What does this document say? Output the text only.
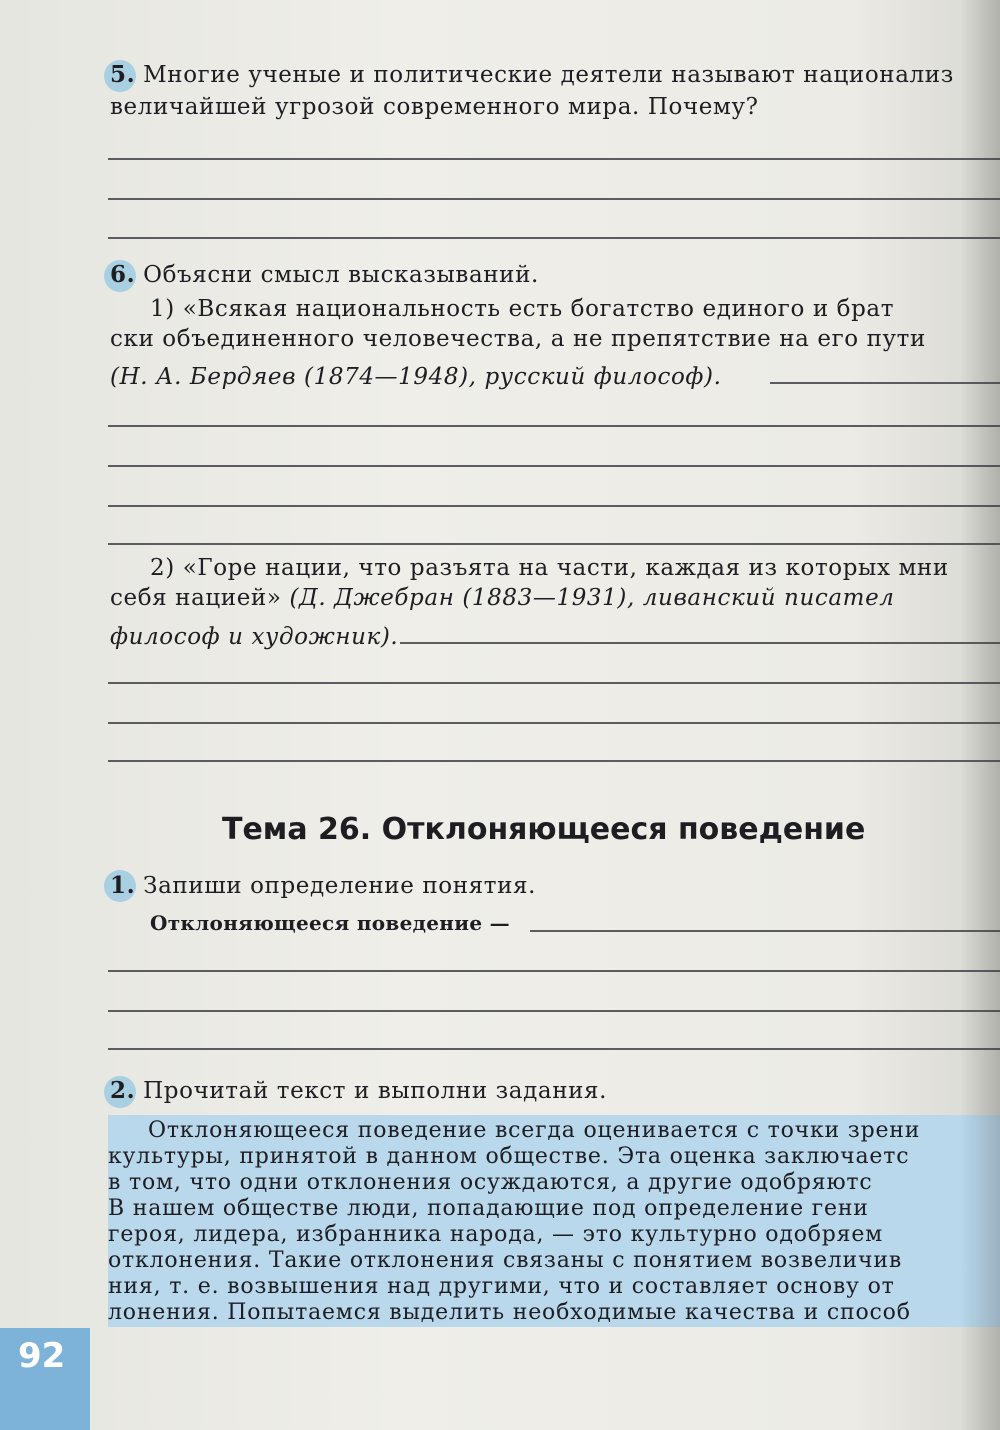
5. Многие ученые и политические деятели называют национализ
величайшей угрозой современного мира. Почему?
6. Объясни смысл высказываний.
1) «Всякая национальность есть богатство единого и брат
ски объединенного человечества, а не препятствие на его пути
(Н. А. Бердяев (1874—1948), русский философ).
2) «Горе нации, что разъята на части, каждая из которых мни
себя нацией» (Д. Джебран (1883—1931), ливанский писател
философ и художник).
Тема 26. Отклоняющееся поведение
1. Запиши определение понятия.
Отклоняющееся поведение —
2. Прочитай текст и выполни задания.
Отклоняющееся поведение всегда оценивается с точки зрени
культуры, принятой в данном обществе. Эта оценка заключаетс
в том, что одни отклонения осуждаются, а другие одобряютс
В нашем обществе люди, попадающие под определение гени
героя, лидера, избранника народа, — это культурно одобряем
отклонения. Такие отклонения связаны с понятием возвеличив
ния, т. е. возвышения над другими, что и составляет основу от
лонения. Попытаемся выделить необходимые качества и способ
92
